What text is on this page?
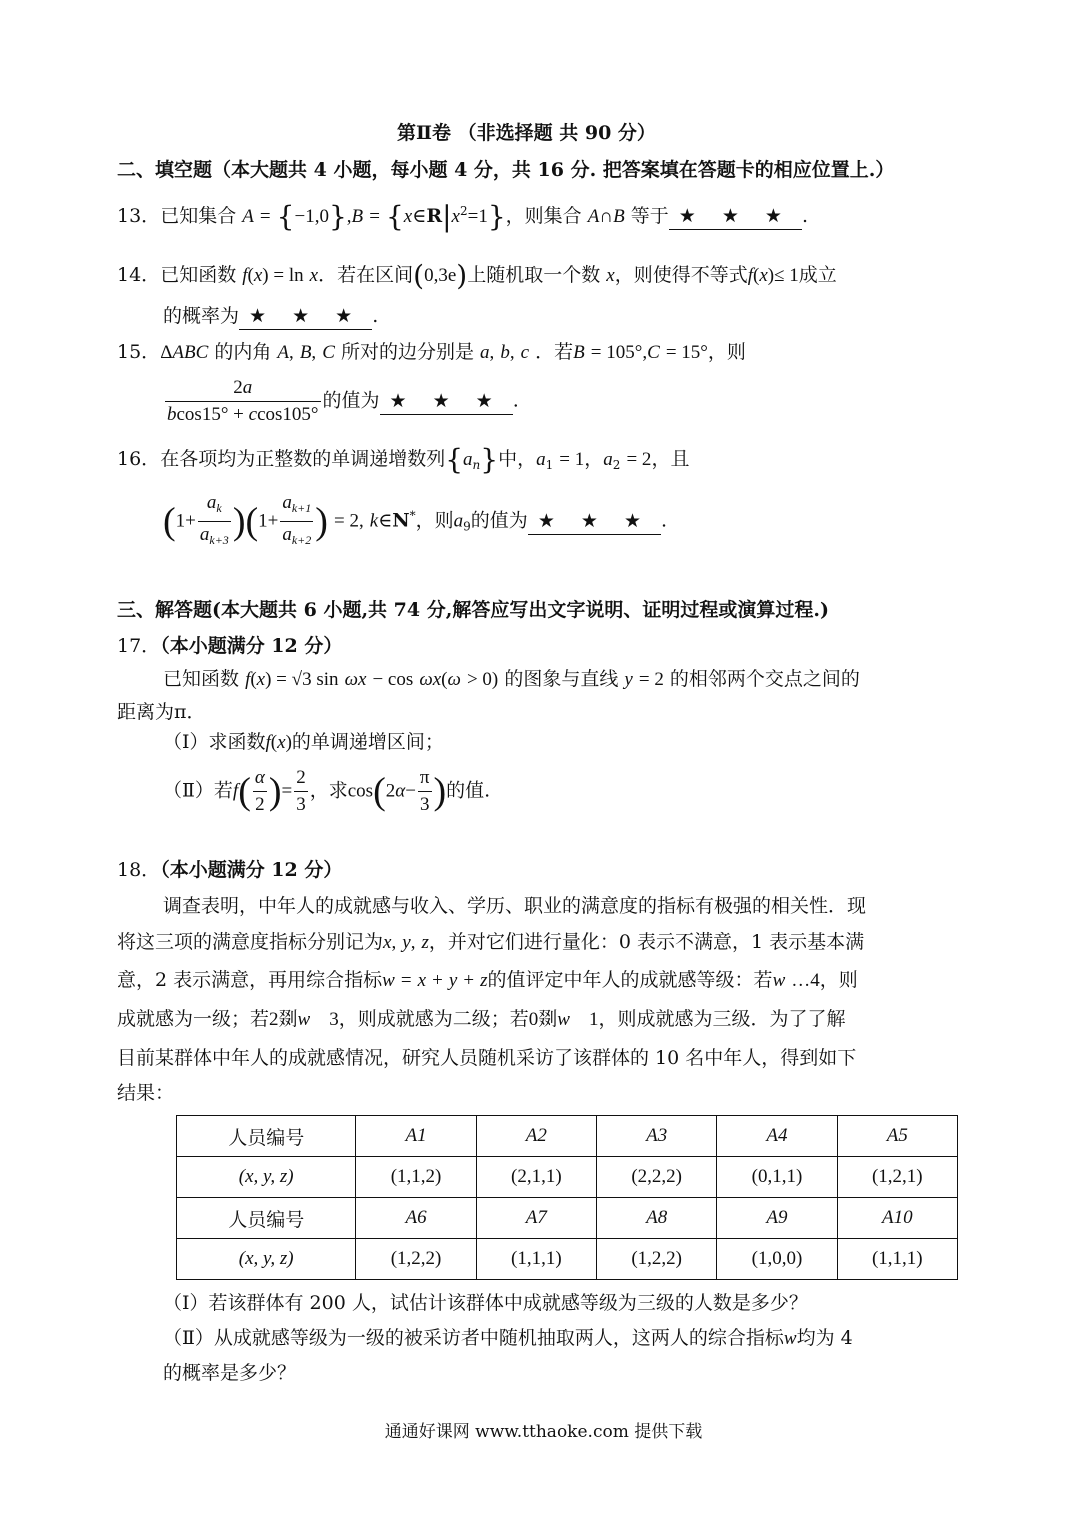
第Ⅱ卷 （非选择题 共 90 分）
二、填空题（本大题共 4 小题，每小题 4 分，共 16 分. 把答案填在答题卡的相应位置上.）
13．已知集合 $A = \{-1,0\},B = \{x\in R|x^2=1\}$，则集合 A∩B 等于 ★ ★ ★ .
14．已知函数 f(x) = ln x．若在区间(0,3e)上随机取一个数 x，则使得不等式f(x)≤ 1成立
的概率为 ★ ★ ★ .
15．ΔABC 的内角 A, B, C 所对的边分别是 a, b, c ．若B = 105°,C = 15°，则
$\frac{2a}{bcos15^\circ + ccos105^\circ}$ 的值为 ★ ★ ★ .
16．在各项均为正整数的单调递增数列$\{a_n\}$中，$a_1 = 1$，$a_2 = 2$，且
$(1+ \frac{a_k}{a_{k+3}} )(1+ \frac{a_{k+1}}{a_{k+2}}$ ) = 2, k∈N*，则$a_9$的值为 ★ ★ ★ .
三、解答题(本大题共 6 小题,共 74 分,解答应写出文字说明、证明过程或演算过程.)
17．（本小题满分 12 分）
已知函数 f(x) = √3 sin ωx − cos ωx(ω > 0) 的图象与直线 y = 2 的相邻两个交点之间的
距离为π．
（Ⅰ）求函数f(x)的单调递增区间；
（Ⅱ）若$f( \frac{\alpha}{2}$ )= $\frac{2}{3}$ ，求$\cos(2\alpha- \frac{\pi}{3}$ )的值.
18．（本小题满分 12 分）
调查表明，中年人的成就感与收入、学历、职业的满意度的指标有极强的相关性．现
将这三项的满意度指标分别记为x, y, z，并对它们进行量化：0 表示不满意，1 表示基本满
意，2 表示满意，再用综合指标w = x + y + z的值评定中年人的成就感等级：若w …4，则
成就感为一级；若2剟w    3，则成就感为二级；若0剟w    1，则成就感为三级．为了了解
目前某群体中年人的成就感情况，研究人员随机采访了该群体的 10 名中年人，得到如下
结果：
人员编号	A1	A2	A3	A4	A5
(x, y, z)	(1,1,2)	(2,1,1)	(2,2,2)	(0,1,1)	(1,2,1)
人员编号	A6	A7	A8	A9	A10
(x, y, z)	(1,2,2)	(1,1,1)	(1,2,2)	(1,0,0)	(1,1,1)
（Ⅰ）若该群体有 200 人，试估计该群体中成就感等级为三级的人数是多少？
（Ⅱ）从成就感等级为一级的被采访者中随机抽取两人，这两人的综合指标w均为 4
的概率是多少？
通通好课网 www.tthaoke.com 提供下载
